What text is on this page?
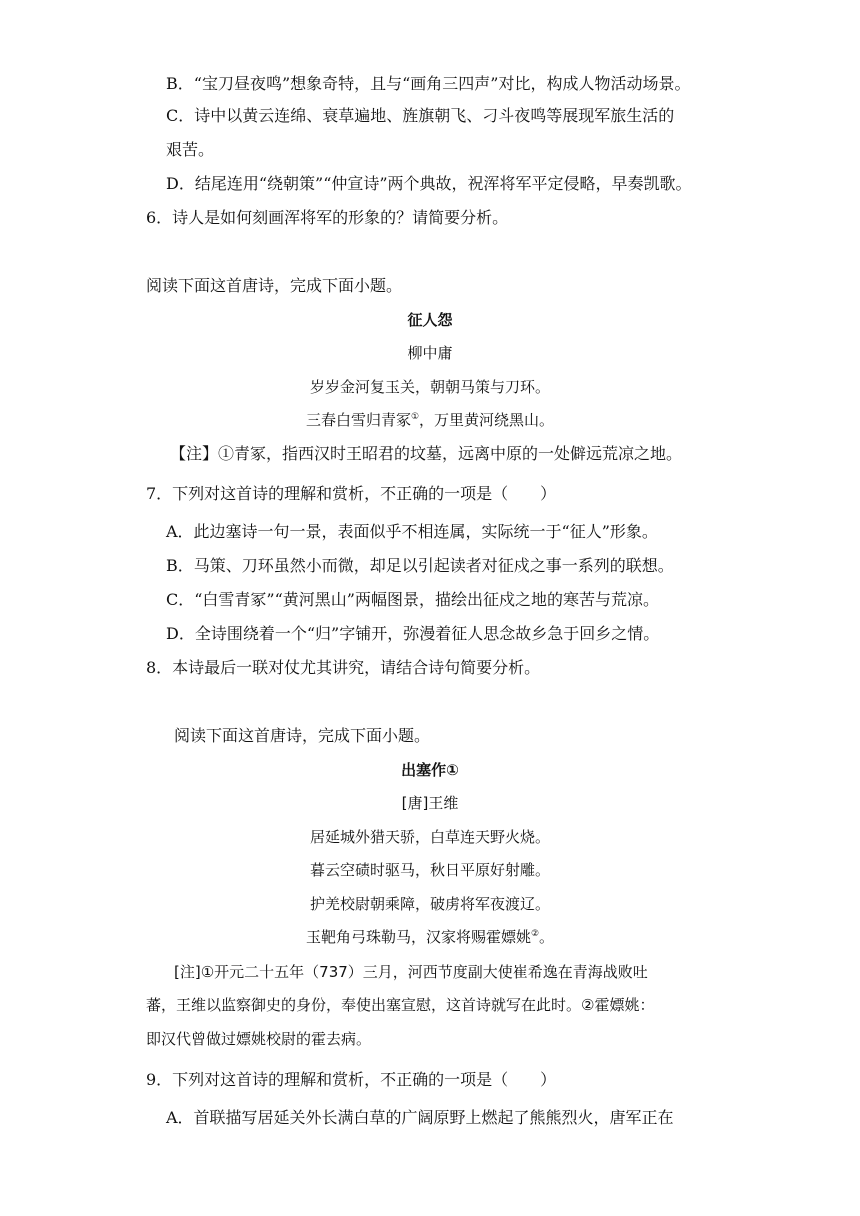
B．“宝刀昼夜鸣”想象奇特，且与“画角三四声”对比，构成人物活动场景。
C．诗中以黄云连绵、衰草遍地、旌旗朝飞、刁斗夜鸣等展现军旅生活的
艰苦。
D．结尾连用“绕朝策”“仲宣诗”两个典故，祝浑将军平定侵略，早奏凯歌。
6．诗人是如何刻画浑将军的形象的？请简要分析。
阅读下面这首唐诗，完成下面小题。
征人怨
柳中庸
岁岁金河复玉关，朝朝马策与刀环。
三春白雪归青冢①，万里黄河绕黑山。
【注】①青冢，指西汉时王昭君的坟墓，远离中原的一处僻远荒凉之地。
7．下列对这首诗的理解和赏析，不正确的一项是（　　）
A．此边塞诗一句一景，表面似乎不相连属，实际统一于“征人”形象。
B．马策、刀环虽然小而微，却足以引起读者对征戍之事一系列的联想。
C．“白雪青冢”“黄河黑山”两幅图景，描绘出征戍之地的寒苦与荒凉。
D．全诗围绕着一个“归”字铺开，弥漫着征人思念故乡急于回乡之情。
8．本诗最后一联对仗尤其讲究，请结合诗句简要分析。
阅读下面这首唐诗，完成下面小题。
出塞作①
[唐]王维
居延城外猎天骄，白草连天野火烧。
暮云空碛时驱马，秋日平原好射雕。
护羌校尉朝乘障，破虏将军夜渡辽。
玉靶角弓珠勒马，汉家将赐霍嫖姚②。
[注]①开元二十五年（737）三月，河西节度副大使崔希逸在青海战败吐
蕃，王维以监察御史的身份，奉使出塞宣慰，这首诗就写在此时。②霍嫖姚：
即汉代曾做过嫖姚校尉的霍去病。
9．下列对这首诗的理解和赏析，不正确的一项是（　　）
A．首联描写居延关外长满白草的广阔原野上燃起了熊熊烈火，唐军正在
